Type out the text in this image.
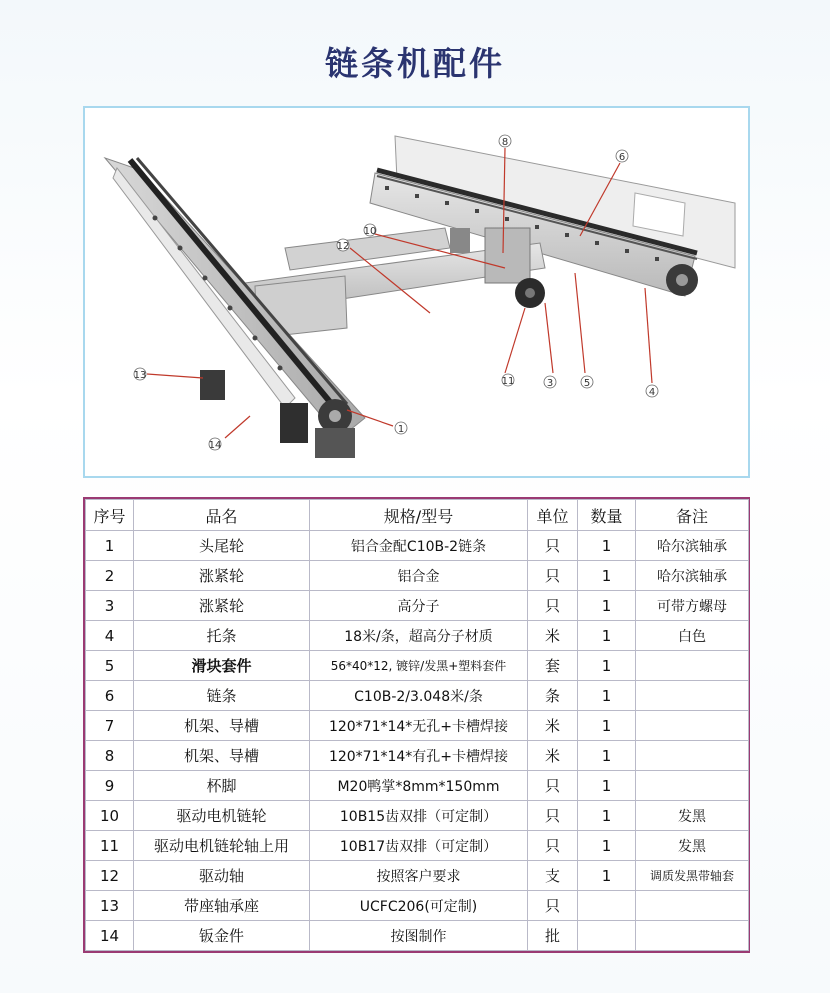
链条机配件
1
3
4
5
6
8
10
11
12
13
14
序号	品名	规格/型号	单位	数量	备注
1	头尾轮	铝合金配C10B-2链条	只	1	哈尔滨轴承
2	涨紧轮	铝合金	只	1	哈尔滨轴承
3	涨紧轮	高分子	只	1	可带方螺母
4	托条	18米/条，超高分子材质	米	1	白色
5	滑块套件	56*40*12, 镀锌/发黑+塑料套件	套	1	
6	链条	C10B-2/3.048米/条	条	1	
7	机架、导槽	120*71*14*无孔+卡槽焊接	米	1	
8	机架、导槽	120*71*14*有孔+卡槽焊接	米	1	
9	杯脚	M20鸭掌*8mm*150mm	只	1	
10	驱动电机链轮	10B15齿双排（可定制）	只	1	发黑
11	驱动电机链轮轴上用	10B17齿双排（可定制）	只	1	发黑
12	驱动轴	按照客户要求	支	1	调质发黑带轴套
13	带座轴承座	UCFC206(可定制)	只		
14	钣金件	按图制作	批		
